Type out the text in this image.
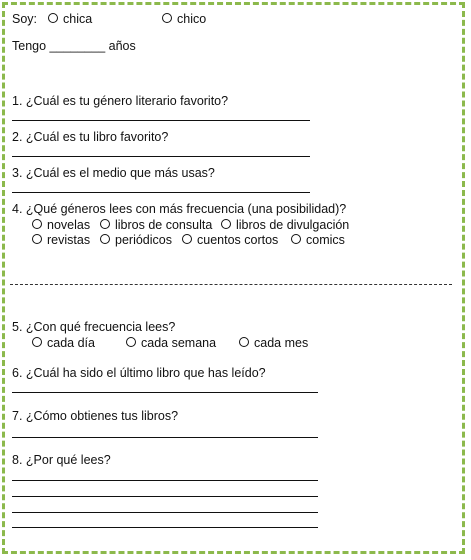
Soy:	chica	chico
Tengo ________ años
1. ¿Cuál es tu género literario favorito?
2. ¿Cuál es tu libro favorito?
3. ¿Cuál es el medio que más usas?
4. ¿Qué géneros lees con más frecuencia (una posibilidad)?
novelas	libros de consulta	libros de divulgación
revistas	periódicos	cuentos cortos	comics
5. ¿Con qué frecuencia lees?
cada día	cada semana	cada mes
6. ¿Cuál ha sido el último libro que has leído?
7. ¿Cómo obtienes tus libros?
8. ¿Por qué lees?
